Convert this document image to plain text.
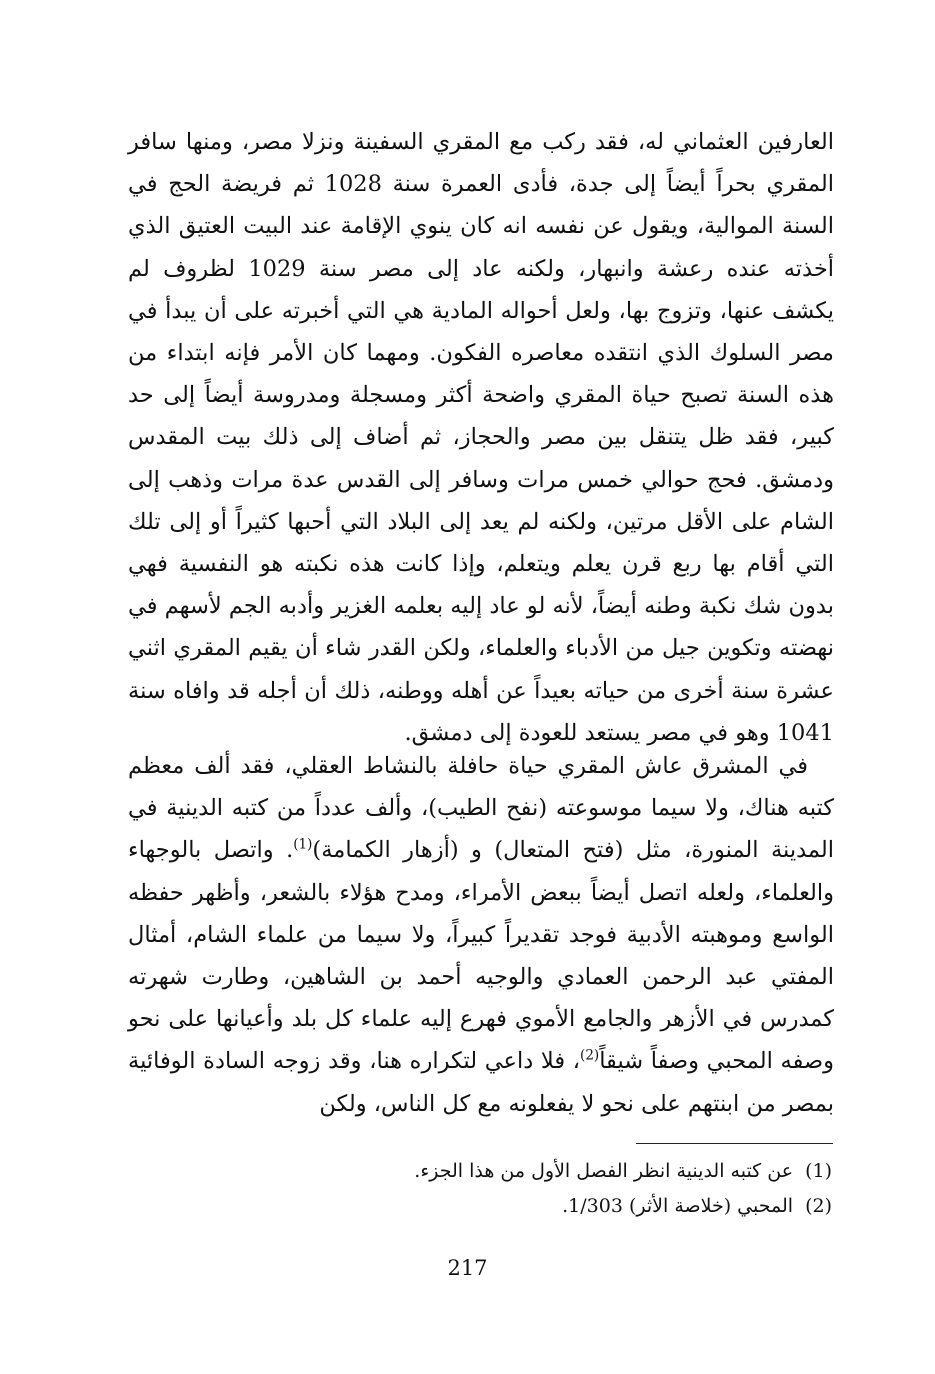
العارفين العثماني له، فقد ركب مع المقري السفينة ونزلا مصر، ومنها سافر المقري بحراً أيضاً إلى جدة، فأدى العمرة سنة 1028 ثم فريضة الحج في السنة الموالية، ويقول عن نفسه انه كان ينوي الإقامة عند البيت العتيق الذي أخذته عنده رعشة وانبهار، ولكنه عاد إلى مصر سنة 1029 لظروف لم يكشف عنها، وتزوج بها، ولعل أحواله المادية هي التي أخبرته على أن يبدأ في مصر السلوك الذي انتقده معاصره الفكون. ومهما كان الأمر فإنه ابتداء من هذه السنة تصبح حياة المقري واضحة أكثر ومسجلة ومدروسة أيضاً إلى حد كبير، فقد ظل يتنقل بين مصر والحجاز، ثم أضاف إلى ذلك بيت المقدس ودمشق. فحج حوالي خمس مرات وسافر إلى القدس عدة مرات وذهب إلى الشام على الأقل مرتين، ولكنه لم يعد إلى البلاد التي أحبها كثيراً أو إلى تلك التي أقام بها ربع قرن يعلم ويتعلم، وإذا كانت هذه نكبته هو النفسية فهي بدون شك نكبة وطنه أيضاً، لأنه لو عاد إليه بعلمه الغزير وأدبه الجم لأسهم في نهضته وتكوين جيل من الأدباء والعلماء، ولكن القدر شاء أن يقيم المقري اثني عشرة سنة أخرى من حياته بعيداً عن أهله ووطنه، ذلك أن أجله قد وافاه سنة 1041 وهو في مصر يستعد للعودة إلى دمشق.

في المشرق عاش المقري حياة حافلة بالنشاط العقلي، فقد ألف معظم كتبه هناك، ولا سيما موسوعته (نفح الطيب)، وألف عدداً من كتبه الدينية في المدينة المنورة، مثل (فتح المتعال) و (أزهار الكمامة)$^{(1)}$. واتصل بالوجهاء والعلماء، ولعله اتصل أيضاً ببعض الأمراء، ومدح هؤلاء بالشعر، وأظهر حفظه الواسع وموهبته الأدبية فوجد تقديراً كبيراً، ولا سيما من علماء الشام، أمثال المفتي عبد الرحمن العمادي والوجيه أحمد بن الشاهين، وطارت شهرته كمدرس في الأزهر والجامع الأموي فهرع إليه علماء كل بلد وأعيانها على نحو وصفه المحبي وصفاً شيقاً$^{(2)}$، فلا داعي لتكراره هنا، وقد زوجه السادة الوفائية بمصر من ابنتهم على نحو لا يفعلونه مع كل الناس، ولكن

(1)عن كتبه الدينية انظر الفصل الأول من هذا الجزء.

(2)المحبي (خلاصة الأثر) 1/303.

217
